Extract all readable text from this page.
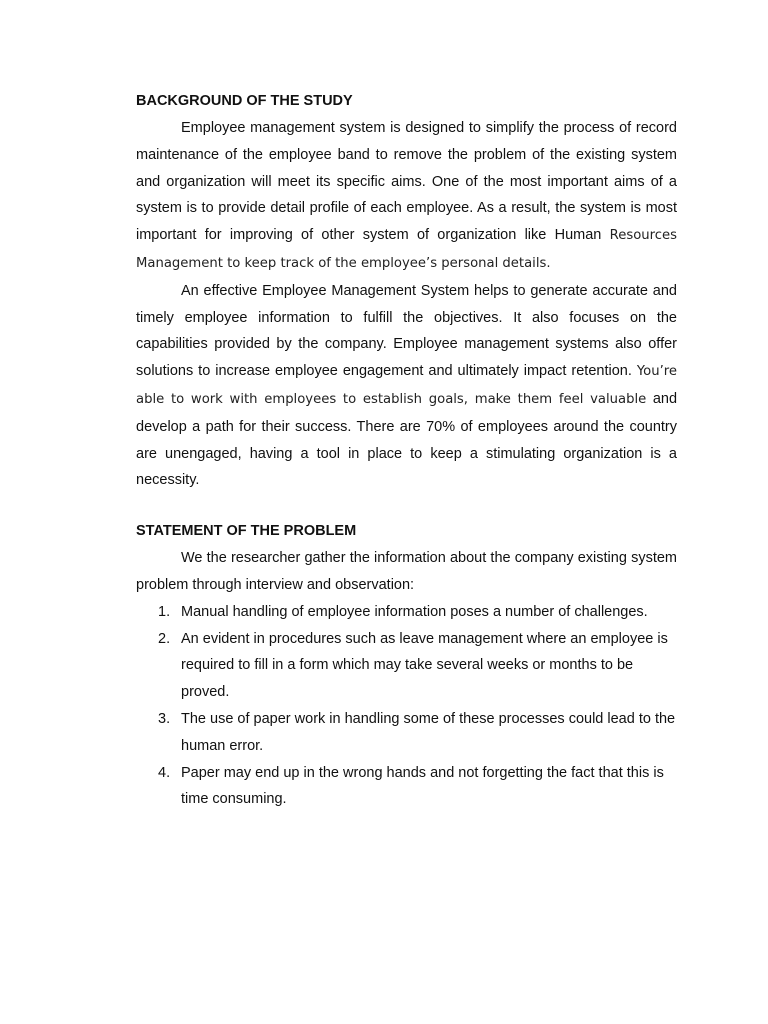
BACKGROUND OF THE STUDY

Employee management system is designed to simplify the process of record maintenance of the employee band to remove the problem of the existing system and organization will meet its specific aims. One of the most important aims of a system is to provide detail profile of each employee. As a result, the system is most important for improving of other system of organization like Human Resources Management to keep track of the employee’s personal details.

An effective Employee Management System helps to generate accurate and timely employee information to fulfill the objectives. It also focuses on the capabilities provided by the company. Employee management systems also offer solutions to increase employee engagement and ultimately impact retention. You’re able to work with employees to establish goals, make them feel valuable and develop a path for their success. There are 70% of employees around the country are unengaged, having a tool in place to keep a stimulating organization is a necessity.

STATEMENT OF THE PROBLEM

We the researcher gather the information about the company existing system problem through interview and observation:

1. Manual handling of employee information poses a number of challenges.
2. An evident in procedures such as leave management where an employee is required to fill in a form which may take several weeks or months to be proved.
3. The use of paper work in handling some of these processes could lead to the human error.
4. Paper may end up in the wrong hands and not forgetting the fact that this is time consuming.
